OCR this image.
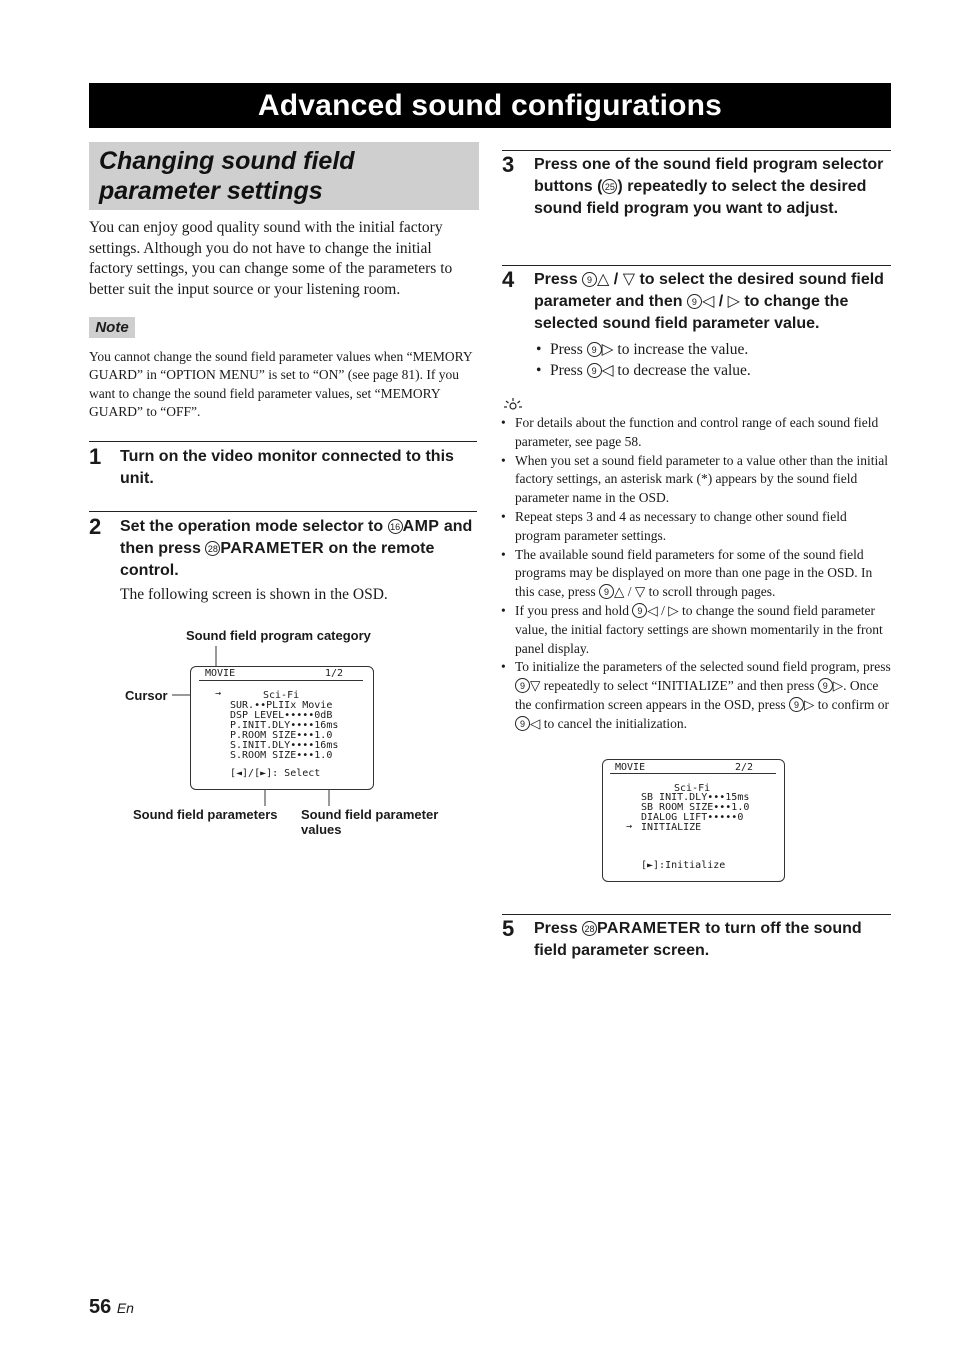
Advanced sound configurations
Changing sound field parameter settings
You can enjoy good quality sound with the initial factory settings. Although you do not have to change the initial factory settings, you can change some of the parameters to better suit the input source or your listening room.
Note
You cannot change the sound field parameter values when “MEMORY GUARD” in “OPTION MENU” is set to “ON” (see page 81). If you want to change the sound field parameter values, set “MEMORY GUARD” to “OFF”.
1 Turn on the video monitor connected to this unit.
2 Set the operation mode selector to 16 AMP and then press 28 PARAMETER on the remote control.
The following screen is shown in the OSD.
Sound field program category
Cursor
Sound field parameters Sound field parameter values
MOVIE	1/2
→	Sci-Fi
SUR.••PLIIx Movie
DSP LEVEL•••••0dB
P.INIT.DLY••••16ms
P.ROOM SIZE•••1.0
S.INIT.DLY••••16ms
S.ROOM SIZE•••1.0
[◄]/[►]: Select
3 Press one of the sound field program selector buttons ( 25 ) repeatedly to select the desired sound field program you want to adjust.
4 Press 9 △ / ▽ to select the desired sound field parameter and then 9 ◁ / ▷ to change the selected sound field parameter value.
• Press 9 ▷ to increase the value.
• Press 9 ◁ to decrease the value.
• For details about the function and control range of each sound field parameter, see page 58.
• When you set a sound field parameter to a value other than the initial factory settings, an asterisk mark (*) appears by the sound field parameter name in the OSD.
• Repeat steps 3 and 4 as necessary to change other sound field program parameter settings.
• The available sound field parameters for some of the sound field programs may be displayed on more than one page in the OSD. In this case, press 9 △ / ▽ to scroll through pages.
• If you press and hold 9 ◁ / ▷ to change the sound field parameter value, the initial factory settings are shown momentarily in the front panel display.
• To initialize the parameters of the selected sound field program, press 9 ▽ repeatedly to select “INITIALIZE” and then press 9 ▷. Once the confirmation screen appears in the OSD, press 9 ▷ to confirm or 9 ◁ to cancel the initialization.
MOVIE	2/2
Sci-Fi
SB INIT.DLY•••15ms
SB ROOM SIZE•••1.0
DIALOG LIFT•••••0
→ INITIALIZE
[►]:Initialize
5 Press 28 PARAMETER to turn off the sound field parameter screen.
56 En
